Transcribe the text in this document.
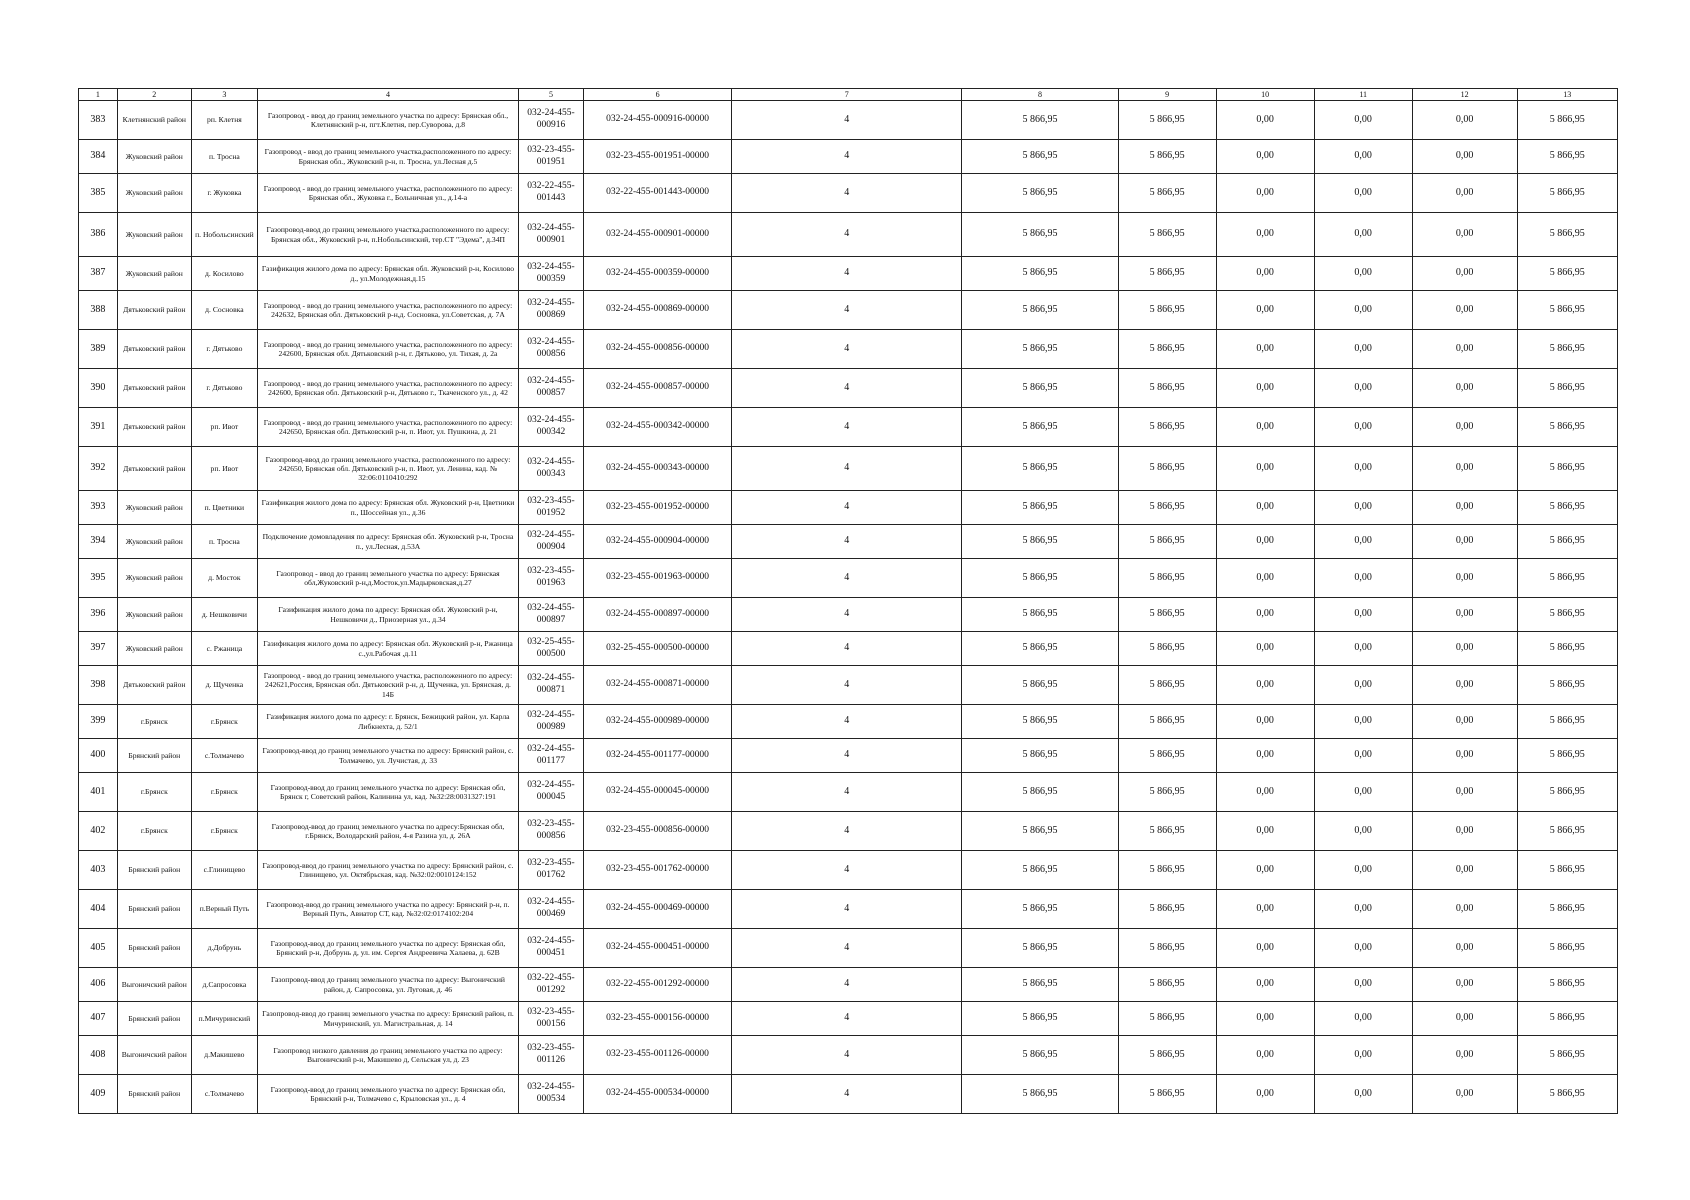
1	2	3	4	5	6	7	8	9	10	11	12	13
383	Клетнянский район	рп. Клетня	Газопровод - ввод до границ земельного участка по адресу: Брянская обл., Клетнянский р-н, пгт.Клетня, пер.Суворова, д.8	032-24-455-000916	032-24-455-000916-00000	4	5 866,95	5 866,95	0,00	0,00	0,00	5 866,95
384	Жуковский район	п. Троснa	Газопровод - ввод до границ земельного участка,расположенного по адресу: Брянская обл., Жуковский р-н, п. Троснa, ул.Лесная д.5	032-23-455-001951	032-23-455-001951-00000	4	5 866,95	5 866,95	0,00	0,00	0,00	5 866,95
385	Жуковский район	г. Жуковка	Газопровод - ввод до границ земельного участка, расположенного по адресу: Брянская обл., Жуковка г., Больничная ул., д.14-а	032-22-455-001443	032-22-455-001443-00000	4	5 866,95	5 866,95	0,00	0,00	0,00	5 866,95
386	Жуковский район	п. Нобольсинский	Газопровод-ввод до границ земельного участка,расположенного по адресу: Брянская обл., Жуковский р-н, п.Нобольсинский, тер.СТ "Эдема", д.34П	032-24-455-000901	032-24-455-000901-00000	4	5 866,95	5 866,95	0,00	0,00	0,00	5 866,95
387	Жуковский район	д. Косилово	Газификация жилого дома по адресу: Брянская обл. Жуковский р-н, Косилово д., ул.Молодежная,д.15	032-24-455-000359	032-24-455-000359-00000	4	5 866,95	5 866,95	0,00	0,00	0,00	5 866,95
388	Дятьковский район	д. Сосновка	Газопровод - ввод до границ земельного участка, расположенного по адресу: 242632, Брянская обл. Дятьковский р-н,д. Сосновка, ул.Советская, д. 7А	032-24-455-000869	032-24-455-000869-00000	4	5 866,95	5 866,95	0,00	0,00	0,00	5 866,95
389	Дятьковский район	г. Дятьково	Газопровод - ввод до границ земельного участка, расположенного по адресу: 242600, Брянская обл. Дятьковский р-н, г. Дятьково, ул. Тихая, д. 2а	032-24-455-000856	032-24-455-000856-00000	4	5 866,95	5 866,95	0,00	0,00	0,00	5 866,95
390	Дятьковский район	г. Дятьково	Газопровод - ввод до границ земельного участка, расположенного по адресу: 242600, Брянская обл. Дятьковский р-н, Дятьково г., Ткаченского ул., д. 42	032-24-455-000857	032-24-455-000857-00000	4	5 866,95	5 866,95	0,00	0,00	0,00	5 866,95
391	Дятьковский район	рп. Ивот	Газопровод - ввод до границ земельного участка, расположенного по адресу: 242650, Брянская обл. Дятьковский р-н, п. Ивот, ул. Пушкина, д. 21	032-24-455-000342	032-24-455-000342-00000	4	5 866,95	5 866,95	0,00	0,00	0,00	5 866,95
392	Дятьковский район	рп. Ивот	Газопровод-ввод до границ земельного участка, расположенного по адресу: 242650, Брянская обл. Дятьковский р-н, п. Ивот, ул. Ленина, кад. № 32:06:0110410:292	032-24-455-000343	032-24-455-000343-00000	4	5 866,95	5 866,95	0,00	0,00	0,00	5 866,95
393	Жуковский район	п. Цветники	Газификация жилого дома по адресу: Брянская обл. Жуковский р-н, Цветники п., Шоссейная ул., д.36	032-23-455-001952	032-23-455-001952-00000	4	5 866,95	5 866,95	0,00	0,00	0,00	5 866,95
394	Жуковский район	п. Тросна	Подключение домовладения по адресу: Брянская обл. Жуковский р-н, Тросна п., ул.Лесная, д.53А	032-24-455-000904	032-24-455-000904-00000	4	5 866,95	5 866,95	0,00	0,00	0,00	5 866,95
395	Жуковский район	д. Мосток	Газопровод - ввод до границ земельного участка по адресу: Брянская обл,Жуковский р-н,д.Мосток,ул.Мадырковская,д.27	032-23-455-001963	032-23-455-001963-00000	4	5 866,95	5 866,95	0,00	0,00	0,00	5 866,95
396	Жуковский район	д. Нешковичи	Газификация жилого дома по адресу: Брянская обл. Жуковский р-н, Нешковичи д., Приозерная ул., д.34	032-24-455-000897	032-24-455-000897-00000	4	5 866,95	5 866,95	0,00	0,00	0,00	5 866,95
397	Жуковский район	с. Ржаница	Газификация жилого дома по адресу: Брянская обл. Жуковский р-н, Ржаница с.,ул.Рабочая ,д.11	032-25-455-000500	032-25-455-000500-00000	4	5 866,95	5 866,95	0,00	0,00	0,00	5 866,95
398	Дятьковский район	д. Щученка	Газопровод - ввод до границ земельного участка, расположенного по адресу: 242621,Россия, Брянская обл. Дятьковский р-н, д. Щученка, ул. Брянская, д. 14Б	032-24-455-000871	032-24-455-000871-00000	4	5 866,95	5 866,95	0,00	0,00	0,00	5 866,95
399	г.Брянск	г.Брянск	Газификация жилого дома по адресу: г. Брянск, Бежицкий район, ул. Карла Либкнехта, д. 52/1	032-24-455-000989	032-24-455-000989-00000	4	5 866,95	5 866,95	0,00	0,00	0,00	5 866,95
400	Брянский район	с.Толмачево	Газопровод-ввод до границ земельного участка по адресу: Брянский район, с. Толмачево, ул. Лучистая, д. 33	032-24-455-001177	032-24-455-001177-00000	4	5 866,95	5 866,95	0,00	0,00	0,00	5 866,95
401	г.Брянск	г.Брянск	Газопровод-ввод до границ земельного участка по адресу: Брянская обл, Брянск г, Советский район, Калинина ул, кад. №32:28:0031327:191	032-24-455-000045	032-24-455-000045-00000	4	5 866,95	5 866,95	0,00	0,00	0,00	5 866,95
402	г.Брянск	г.Брянск	Газопровод-ввод до границ земельного участка по адресу:Брянская обл, г.Брянск, Володарский район, 4-я Разина ул, д. 26А	032-23-455-000856	032-23-455-000856-00000	4	5 866,95	5 866,95	0,00	0,00	0,00	5 866,95
403	Брянский район	с.Глинищево	Газопровод-ввод до границ земельного участка по адресу: Брянский район, с. Глинищево, ул. Октябрьская, кад. №32:02:0010124:152	032-23-455-001762	032-23-455-001762-00000	4	5 866,95	5 866,95	0,00	0,00	0,00	5 866,95
404	Брянский район	п.Верный Путь	Газопровод-ввод до границ земельного участка по адресу: Брянский р-н, п. Верный Путь, Авиатор СТ, кад. №32:02:0174102:204	032-24-455-000469	032-24-455-000469-00000	4	5 866,95	5 866,95	0,00	0,00	0,00	5 866,95
405	Брянский район	д.Добрунь	Газопровод-ввод до границ земельного участка по адресу: Брянская обл, Брянский р-н, Добрунь д, ул. им. Сергея Андреевича Халаева, д. 62В	032-24-455-000451	032-24-455-000451-00000	4	5 866,95	5 866,95	0,00	0,00	0,00	5 866,95
406	Выгоничский район	д.Сапросовка	Газопровод-ввод до границ земельного участка по адресу: Выгоничский район, д. Сапросовка, ул. Луговая, д. 46	032-22-455-001292	032-22-455-001292-00000	4	5 866,95	5 866,95	0,00	0,00	0,00	5 866,95
407	Брянский район	п.Мичуринский	Газопровод-ввод до границ земельного участка по адресу: Брянский район, п. Мичуринский, ул. Магистральная, д. 14	032-23-455-000156	032-23-455-000156-00000	4	5 866,95	5 866,95	0,00	0,00	0,00	5 866,95
408	Выгоничский район	д.Макишево	Газопровод низкого давления до границ земельного участка по адресу: Выгоничский р-н, Макишево д, Сельская ул, д. 23	032-23-455-001126	032-23-455-001126-00000	4	5 866,95	5 866,95	0,00	0,00	0,00	5 866,95
409	Брянский район	с.Толмачево	Газопровод-ввод до границ земельного участка по адресу: Брянская обл, Брянский р-н, Толмачево с, Крыловская ул., д. 4	032-24-455-000534	032-24-455-000534-00000	4	5 866,95	5 866,95	0,00	0,00	0,00	5 866,95
